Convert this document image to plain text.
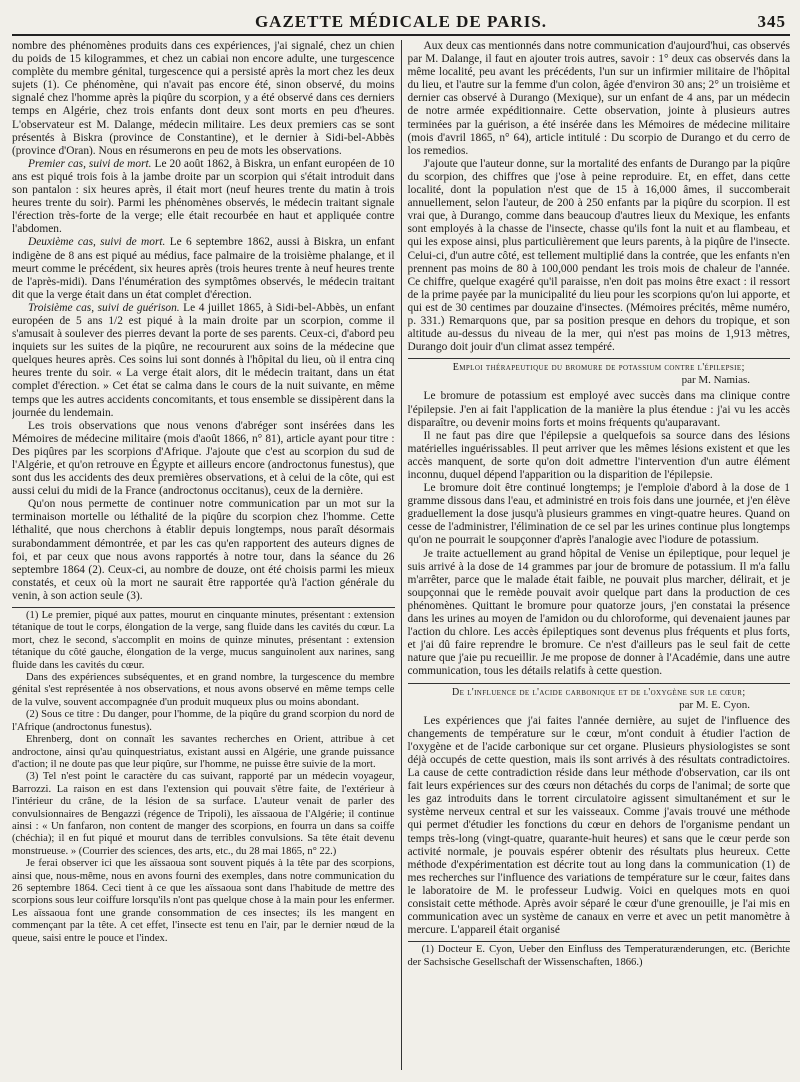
GAZETTE MÉDICALE DE PARIS.	345

nombre des phénomènes produits dans ces expériences, j'ai signalé, chez un chien du poids de 15 kilogrammes, et chez un cabiai non encore adulte, une turgescence complète du membre génital, turgescence qui a persisté après la mort chez les deux sujets (1). Ce phénomène, qui n'avait pas encore été, sinon observé, du moins signalé chez l'homme après la piqûre du scorpion, y a été observé dans ces derniers temps en Algérie, chez trois enfants dont deux sont morts en peu d'heures. L'observateur est M. Dalange, médecin militaire. Les deux premiers cas se sont présentés à Biskra (province de Constantine), et le dernier à Sidi-bel-Abbès (province d'Oran). Nous en résumerons en peu de mots les observations.

Premier cas, suivi de mort. Le 20 août 1862, à Biskra, un enfant européen de 10 ans est piqué trois fois à la jambe droite par un scorpion qui s'était introduit dans son pantalon : six heures après, il était mort (neuf heures trente du matin à trois heures trente du soir). Parmi les phénomènes observés, le médecin traitant signale l'érection très-forte de la verge; elle était recourbée en haut et appliquée contre l'abdomen.

Deuxième cas, suivi de mort. Le 6 septembre 1862, aussi à Biskra, un enfant indigène de 8 ans est piqué au médius, face palmaire de la troisième phalange, et il meurt comme le précédent, six heures après (trois heures trente à neuf heures trente de l'après-midi). Dans l'énumération des symptômes observés, le médecin traitant dit que la verge était dans un état complet d'érection.

Troisième cas, suivi de guérison. Le 4 juillet 1865, à Sidi-bel-Abbès, un enfant européen de 5 ans 1/2 est piqué à la main droite par un scorpion, comme il s'amusait à soulever des pierres devant la porte de ses parents. Ceux-ci, d'abord peu inquiets sur les suites de la piqûre, ne recoururent aux soins de la médecine que quelques heures après. Ces soins lui sont donnés à l'hôpital du lieu, où il entra cinq heures trente du soir. « La verge était alors, dit le médecin traitant, dans un état complet d'érection. » Cet état se calma dans le cours de la nuit suivante, en même temps que les autres accidents concomitants, et tous ensemble se dissipèrent dans la journée du lendemain.

Les trois observations que nous venons d'abréger sont insérées dans les Mémoires de médecine militaire (mois d'août 1866, n° 81), article ayant pour titre : Des piqûres par les scorpions d'Afrique. J'ajoute que c'est au scorpion du sud de l'Algérie, et qu'on retrouve en Égypte et ailleurs encore (androctonus funestus), que sont dus les accidents des deux premières observations, et à celui de la côte, qui est aussi celui du midi de la France (androctonus occitanus), ceux de la dernière.

Qu'on nous permette de continuer notre communication par un mot sur la terminaison mortelle ou léthalité de la piqûre du scorpion chez l'homme. Cette léthalité, que nous cherchons à établir depuis longtemps, nous paraît désormais surabondamment démontrée, et par les cas qu'en rapportent des auteurs dignes de foi, et par ceux que nous avons rapportés à notre tour, dans la séance du 26 septembre 1864 (2). Ceux-ci, au nombre de douze, ont été choisis parmi les mieux constatés, et ceux où la mort ne saurait être rapportée qu'à l'action générale du venin, à son action seule (3).

(1) Le premier, piqué aux pattes, mourut en cinquante minutes, présentant : extension tétanique de tout le corps, élongation de la verge, sang fluide dans les cavités du cœur. La mort, chez le second, s'accomplit en moins de quinze minutes, présentant : extension tétanique du côté gauche, élongation de la verge, mucus sanguinolent aux narines, sang fluide dans les cavités du cœur.

Dans des expériences subséquentes, et en grand nombre, la turgescence du membre génital s'est représentée à nos observations, et nous avons observé en même temps celle de la vulve, souvent accompagnée d'un produit muqueux plus ou moins abondant.

(2) Sous ce titre : Du danger, pour l'homme, de la piqûre du grand scorpion du nord de l'Afrique (androctonus funestus).

Ehrenberg, dont on connaît les savantes recherches en Orient, attribue à cet androctone, ainsi qu'au quinquestriatus, existant aussi en Algérie, une grande puissance d'action; il ne doute pas que leur piqûre, sur l'homme, ne puisse être suivie de la mort.

(3) Tel n'est point le caractère du cas suivant, rapporté par un médecin voyageur, Barrozzi. La raison en est dans l'extension qui pouvait s'être faite, de l'extérieur à l'intérieur du crâne, de la lésion de sa surface. L'auteur venait de parler des convulsionnaires de Bengazzi (régence de Tripoli), les aïssaoua de l'Algérie; il continue ainsi : « Un fanfaron, non content de manger des scorpions, en fourra un dans sa coiffe (chéchia); il en fut piqué et mourut dans de terribles convulsions. Sa tête était devenu monstrueuse. » (Courrier des sciences, des arts, etc., du 28 mai 1865, n° 22.)

Je ferai observer ici que les aïssaoua sont souvent piqués à la tête par des scorpions, ainsi que, nous-même, nous en avons fourni des exemples, dans notre communication du 26 septembre 1864. Ceci tient à ce que les aïssaoua sont dans l'habitude de mettre des scorpions sous leur coiffure lorsqu'ils n'ont pas quelque chose à la main pour les enfermer. Les aïssaoua font une grande consommation de ces insectes; ils les mangent en commençant par la tête. A cet effet, l'insecte est tenu en l'air, par le dernier nœud de la queue, saisi entre le pouce et l'index.

Aux deux cas mentionnés dans notre communication d'aujourd'hui, cas observés par M. Dalange, il faut en ajouter trois autres, savoir : 1° deux cas observés dans la même localité, peu avant les précédents, l'un sur un infirmier militaire de l'hôpital du lieu, et l'autre sur la femme d'un colon, âgée d'environ 30 ans; 2° un troisième et dernier cas observé à Durango (Mexique), sur un enfant de 4 ans, par un médecin de notre armée expéditionnaire. Cette observation, jointe à plusieurs autres terminées par la guérison, a été insérée dans les Mémoires de médecine militaire (mois d'avril 1865, n° 64), article intitulé : Du scorpio de Durango et du cerro de los remedios.

J'ajoute que l'auteur donne, sur la mortalité des enfants de Durango par la piqûre du scorpion, des chiffres que j'ose à peine reproduire. Et, en effet, dans cette localité, dont la population n'est que de 15 à 16,000 âmes, il succomberait annuellement, selon l'auteur, de 200 à 250 enfants par la piqûre du scorpion. Il est vrai que, à Durango, comme dans beaucoup d'autres lieux du Mexique, les enfants sont employés à la chasse de l'insecte, chasse qu'ils font la nuit et au flambeau, et qui les expose ainsi, plus particulièrement que leurs parents, à la piqûre de l'insecte. Celui-ci, d'un autre côté, est tellement multiplié dans la contrée, que les enfants n'en prennent pas moins de 80 à 100,000 pendant les trois mois de chaleur de l'année. Ce chiffre, quelque exagéré qu'il paraisse, n'en doit pas moins être exact : il ressort de la prime payée par la municipalité du lieu pour les scorpions qu'on lui apporte, et qui est de 30 centimes par douzaine d'insectes. (Mémoires précités, même numéro, p. 331.) Remarquons que, par sa position presque en dehors du tropique, et son altitude au-dessus du niveau de la mer, qui n'est pas moins de 1,913 mètres, Durango doit jouir d'un climat assez tempéré.

Emploi thérapeutique du bromure de potassium contre l'épilepsie;
par M. Namias.

Le bromure de potassium est employé avec succès dans ma clinique contre l'épilepsie. J'en ai fait l'application de la manière la plus étendue : j'ai vu les accès disparaître, ou devenir moins forts et moins fréquents qu'auparavant.

Il ne faut pas dire que l'épilepsie a quelquefois sa source dans des lésions matérielles inguérissables. Il peut arriver que les mêmes lésions existent et que les accès manquent, de sorte qu'on doit admettre l'intervention d'un autre élément inconnu, duquel dépend l'apparition ou la disparition de l'épilepsie.

Le bromure doit être continué longtemps; je l'emploie d'abord à la dose de 1 gramme dissous dans l'eau, et administré en trois fois dans une journée, et j'en élève graduellement la dose jusqu'à plusieurs grammes en vingt-quatre heures. Quand on cesse de l'administrer, l'élimination de ce sel par les urines continue plus longtemps qu'on ne pourrait le soupçonner d'après l'analogie avec l'iodure de potassium.

Je traite actuellement au grand hôpital de Venise un épileptique, pour lequel je suis arrivé à la dose de 14 grammes par jour de bromure de potassium. Il m'a fallu m'arrêter, parce que le malade était faible, ne pouvait plus marcher, délirait, et je soupçonnai que le remède pouvait avoir quelque part dans la production de ces phénomènes. Quittant le bromure pour quatorze jours, j'en constatai la présence dans les urines au moyen de l'amidon ou du chloroforme, qui devenaient jaunes par l'action du chlore. Les accès épileptiques sont devenus plus fréquents et plus forts, et j'ai dû faire reprendre le bromure. Ce n'est d'ailleurs pas le seul fait de cette nature que j'aie pu recueillir. Je me propose de donner à l'Académie, dans une autre communication, tous les détails relatifs à cette question.

De l'influence de l'acide carbonique et de l'oxygène sur le cœur;
par M. E. Cyon.

Les expériences que j'ai faites l'année dernière, au sujet de l'influence des changements de température sur le cœur, m'ont conduit à étudier l'action de l'oxygène et de l'acide carbonique sur cet organe. Plusieurs physiologistes se sont déjà occupés de cette question, mais ils sont arrivés à des résultats contradictoires. La cause de cette contradiction réside dans leur méthode d'observation, car ils ont fait leurs expériences sur des cœurs non détachés du corps de l'animal; de sorte que les gaz introduits dans le torrent circulatoire agissent simultanément et sur le système nerveux central et sur les vaisseaux. Comme j'avais trouvé une méthode qui permet d'étudier les fonctions du cœur en dehors de l'organisme pendant un temps très-long (vingt-quatre, quarante-huit heures) et sans que le cœur perde son activité normale, je pouvais espérer obtenir des résultats plus heureux. Cette méthode d'expérimentation est décrite tout au long dans la communication (1) de mes recherches sur l'influence des variations de température sur le cœur, faites dans le laboratoire de M. le professeur Ludwig. Voici en quelques mots en quoi consistait cette méthode. Après avoir séparé le cœur d'une grenouille, je l'ai mis en communication avec un système de canaux en verre et avec un petit manomètre à mercure. L'appareil était organisé

(1) Docteur E. Cyon, Ueber den Einfluss des Temperaturænderungen, etc. (Berichte der Sachsische Gesellschaft der Wissenschaften, 1866.)
